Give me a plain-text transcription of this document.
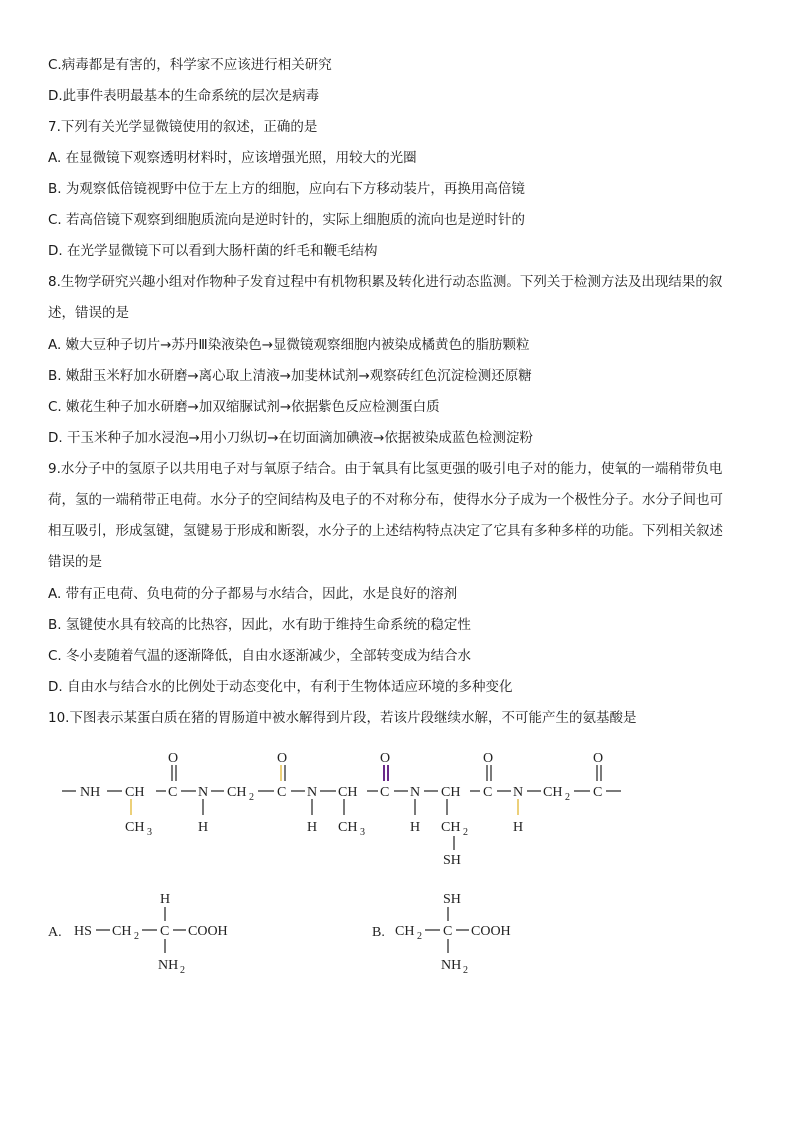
C.病毒都是有害的，科学家不应该进行相关研究
D.此事件表明最基本的生命系统的层次是病毒
7.下列有关光学显微镜使用的叙述，正确的是
A. 在显微镜下观察透明材料时，应该增强光照，用较大的光圈
B. 为观察低倍镜视野中位于左上方的细胞，应向右下方移动装片，再换用高倍镜
C. 若高倍镜下观察到细胞质流向是逆时针的，实际上细胞质的流向也是逆时针的
D. 在光学显微镜下可以看到大肠杆菌的纤毛和鞭毛结构
8.生物学研究兴趣小组对作物种子发育过程中有机物积累及转化进行动态监测。下列关于检测方法及出现结果的叙
述，错误的是
A. 嫩大豆种子切片→苏丹Ⅲ染液染色→显微镜观察细胞内被染成橘黄色的脂肪颗粒
B. 嫩甜玉米籽加水研磨→离心取上清液→加斐林试剂→观察砖红色沉淀检测还原糖
C. 嫩花生种子加水研磨→加双缩脲试剂→依据紫色反应检测蛋白质
D. 干玉米种子加水浸泡→用小刀纵切→在切面滴加碘液→依据被染成蓝色检测淀粉
9.水分子中的氢原子以共用电子对与氧原子结合。由于氧具有比氢更强的吸引电子对的能力，使氧的一端稍带负电
荷，氢的一端稍带正电荷。水分子的空间结构及电子的不对称分布，使得水分子成为一个极性分子。水分子间也可
相互吸引，形成氢键，氢键易于形成和断裂，水分子的上述结构特点决定了它具有多种多样的功能。下列相关叙述
错误的是
A. 带有正电荷、负电荷的分子都易与水结合，因此，水是良好的溶剂
B. 氢键使水具有较高的比热容，因此，水有助于维持生命系统的稳定性
C. 冬小麦随着气温的逐渐降低，自由水逐渐减少，全部转变成为结合水
D. 自由水与结合水的比例处于动态变化中，有利于生物体适应环境的多种变化
10.下图表示某蛋白质在猪的胃肠道中被水解得到片段，若该片段继续水解，不可能产生的氨基酸是
NH CH C N CH 2 C N CH C N CH C N CH 2 C
O	O	O	O	O
CH 3	H	H CH 3	H CH 2
SH
H
A. HS CH 2 C COOH
H
NH 2
B. CH 2 C COOH
SH
NH 2
